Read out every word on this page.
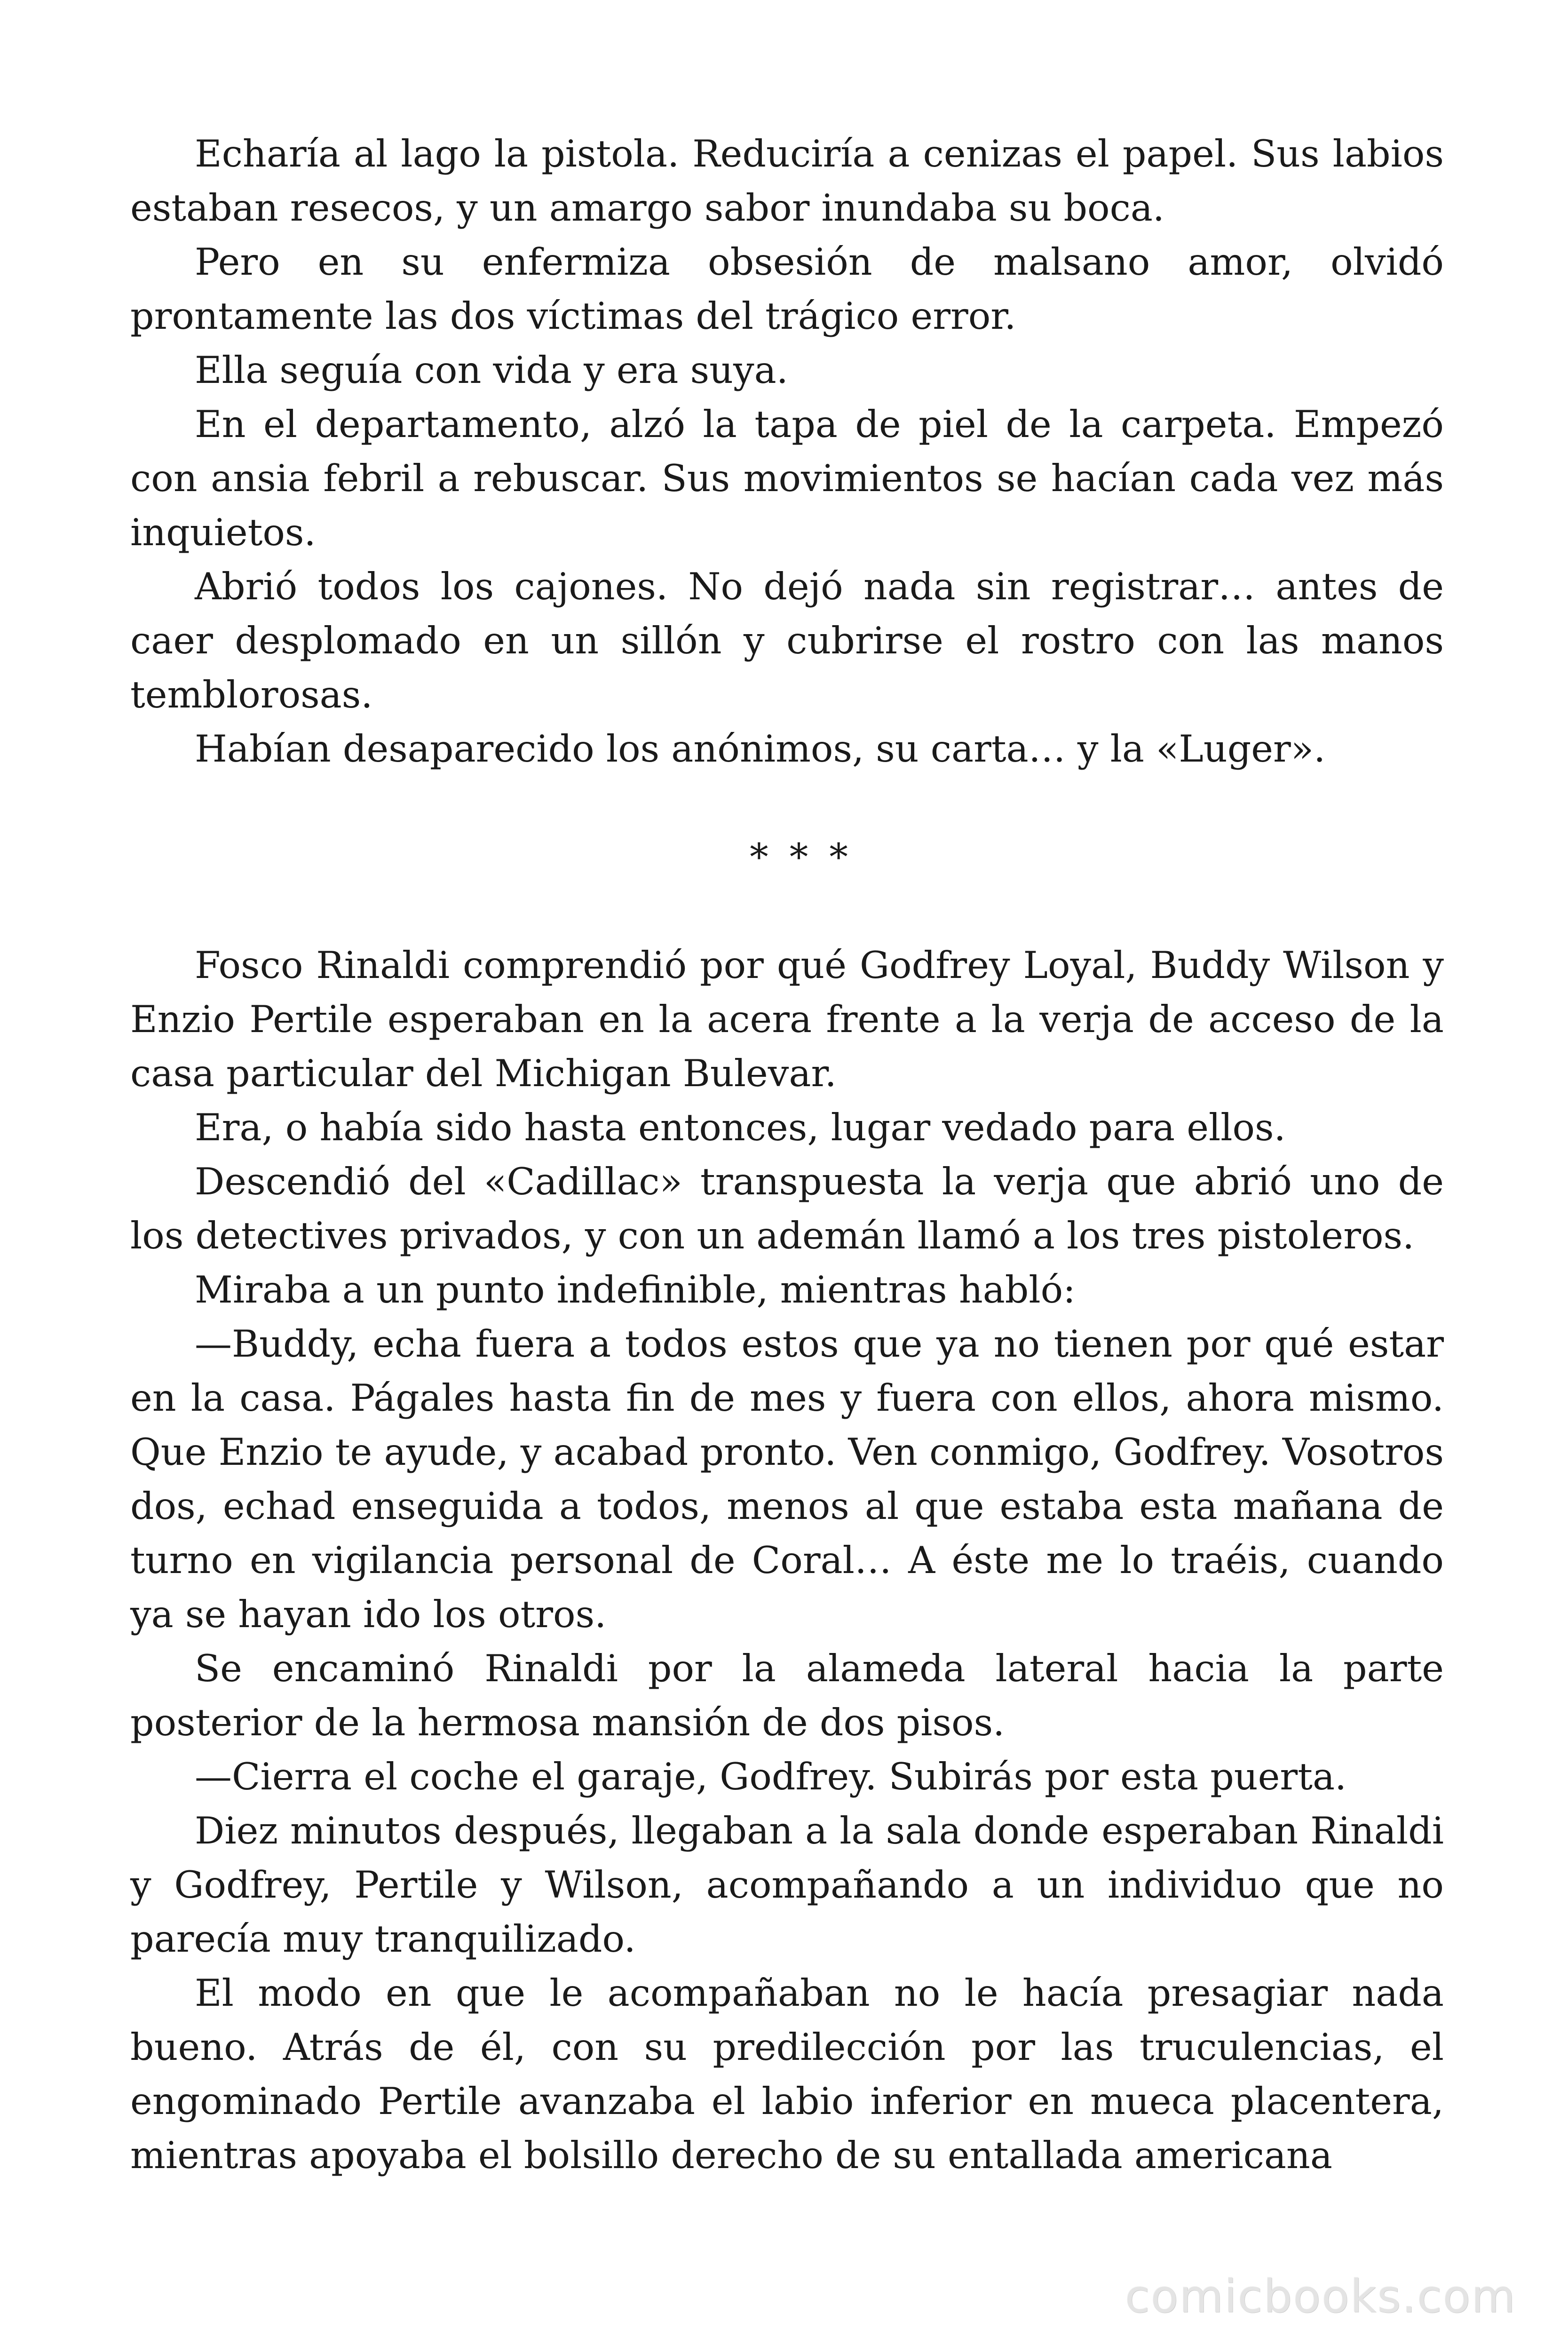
Echaría al lago la pistola. Reduciría a cenizas el papel. Sus labios estaban resecos, y un amargo sabor inundaba su boca.

Pero en su enfermiza obsesión de malsano amor, olvidó prontamente las dos víctimas del trágico error.

Ella seguía con vida y era suya.

En el departamento, alzó la tapa de piel de la carpeta. Empezó con ansia febril a rebuscar. Sus movimientos se hacían cada vez más inquietos.

Abrió todos los cajones. No dejó nada sin registrar… antes de caer desplomado en un sillón y cubrirse el rostro con las manos temblorosas.

Habían desaparecido los anónimos, su carta… y la «Luger».

* * *

Fosco Rinaldi comprendió por qué Godfrey Loyal, Buddy Wilson y Enzio Pertile esperaban en la acera frente a la verja de acceso de la casa particular del Michigan Bulevar.

Era, o había sido hasta entonces, lugar vedado para ellos.

Descendió del «Cadillac» transpuesta la verja que abrió uno de los detectives privados, y con un ademán llamó a los tres pistoleros.

Miraba a un punto indefinible, mientras habló:

—Buddy, echa fuera a todos estos que ya no tienen por qué estar en la casa. Págales hasta fin de mes y fuera con ellos, ahora mismo. Que Enzio te ayude, y acabad pronto. Ven conmigo, Godfrey. Vosotros dos, echad enseguida a todos, menos al que estaba esta mañana de turno en vigilancia personal de Coral… A éste me lo traéis, cuando ya se hayan ido los otros.

Se encaminó Rinaldi por la alameda lateral hacia la parte posterior de la hermosa mansión de dos pisos.

—Cierra el coche el garaje, Godfrey. Subirás por esta puerta.

Diez minutos después, llegaban a la sala donde esperaban Rinaldi y Godfrey, Pertile y Wilson, acompañando a un individuo que no parecía muy tranquilizado.

El modo en que le acompañaban no le hacía presagiar nada bueno. Atrás de él, con su predilección por las truculencias, el engominado Pertile avanzaba el labio inferior en mueca placentera, mientras apoyaba el bolsillo derecho de su entallada americana

comicbooks.com
